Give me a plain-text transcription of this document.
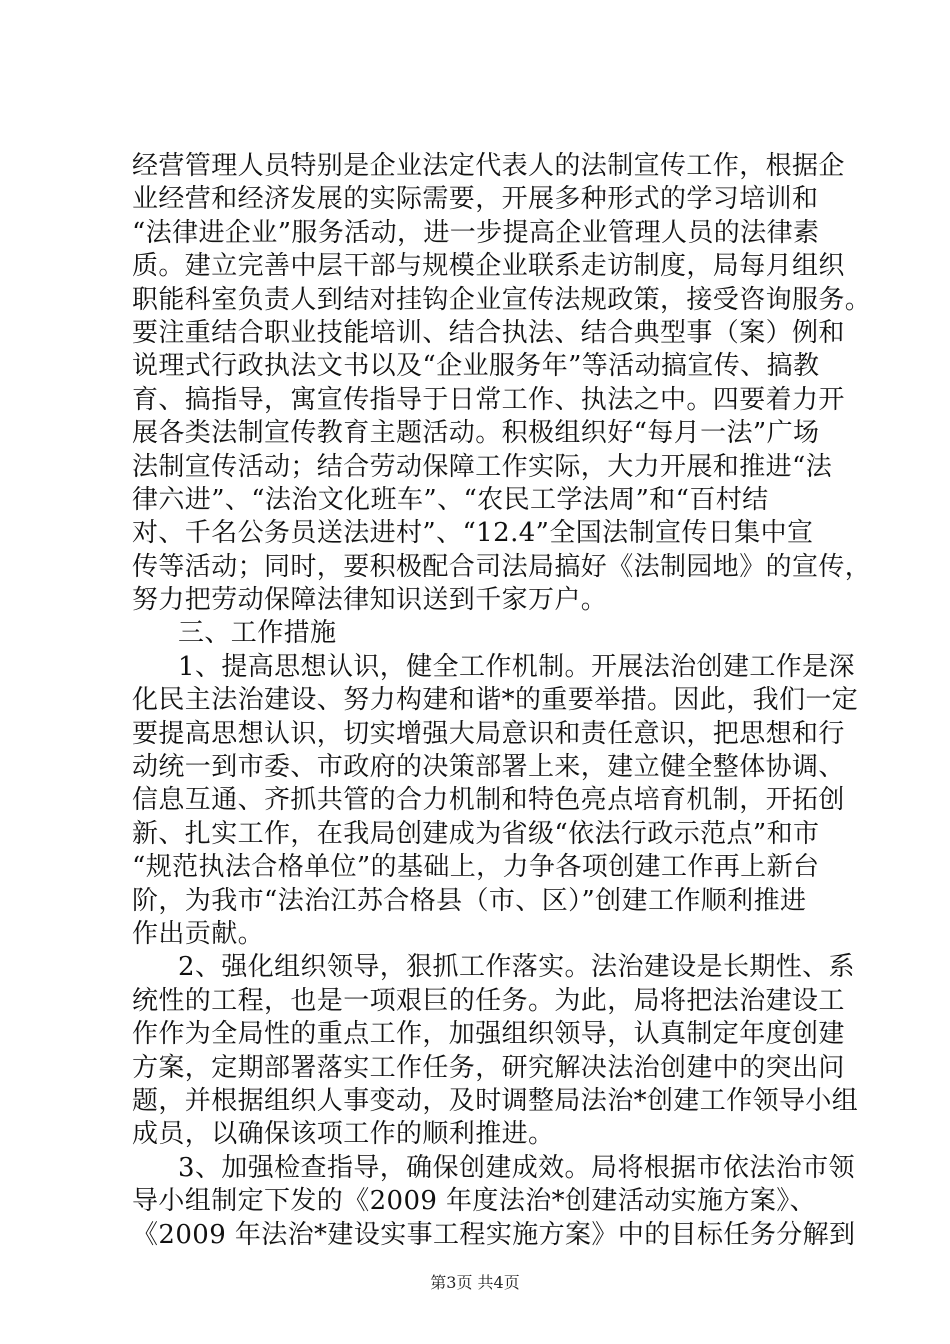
经营管理人员特别是企业法定代表人的法制宣传工作，根据企
业经营和经济发展的实际需要，开展多种形式的学习培训和
“法律进企业”服务活动，进一步提高企业管理人员的法律素
质。建立完善中层干部与规模企业联系走访制度，局每月组织
职能科室负责人到结对挂钩企业宣传法规政策，接受咨询服务。
要注重结合职业技能培训、结合执法、结合典型事（案）例和
说理式行政执法文书以及“企业服务年”等活动搞宣传、搞教
育、搞指导，寓宣传指导于日常工作、执法之中。四要着力开
展各类法制宣传教育主题活动。积极组织好“每月一法”广场
法制宣传活动；结合劳动保障工作实际，大力开展和推进“法
律六进”、“法治文化班车”、“农民工学法周”和“百村结
对、千名公务员送法进村”、“12.4”全国法制宣传日集中宣
传等活动；同时，要积极配合司法局搞好《法制园地》的宣传，
努力把劳动保障法律知识送到千家万户。
三、工作措施
1、提高思想认识，健全工作机制。开展法治创建工作是深
化民主法治建设、努力构建和谐*的重要举措。因此，我们一定
要提高思想认识，切实增强大局意识和责任意识，把思想和行
动统一到市委、市政府的决策部署上来，建立健全整体协调、
信息互通、齐抓共管的合力机制和特色亮点培育机制，开拓创
新、扎实工作，在我局创建成为省级“依法行政示范点”和市
“规范执法合格单位”的基础上，力争各项创建工作再上新台
阶，为我市“法治江苏合格县（市、区）”创建工作顺利推进
作出贡献。
2、强化组织领导，狠抓工作落实。法治建设是长期性、系
统性的工程，也是一项艰巨的任务。为此，局将把法治建设工
作作为全局性的重点工作，加强组织领导，认真制定年度创建
方案，定期部署落实工作任务，研究解决法治创建中的突出问
题，并根据组织人事变动，及时调整局法治*创建工作领导小组
成员，以确保该项工作的顺利推进。
3、加强检查指导，确保创建成效。局将根据市依法治市领
导小组制定下发的《2009 年度法治*创建活动实施方案》、
《2009 年法治*建设实事工程实施方案》中的目标任务分解到
第3页 共4页
